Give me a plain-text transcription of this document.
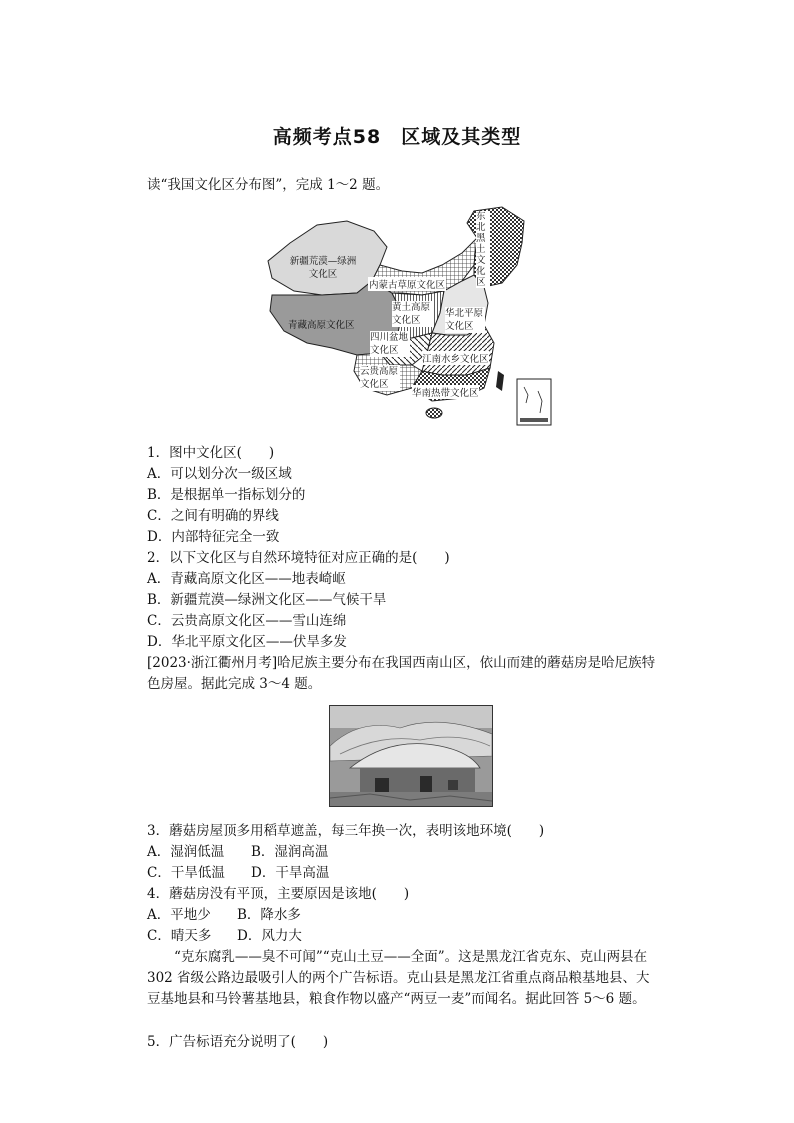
高频考点58　区域及其类型
读“我国文化区分布图”，完成 1～2 题。
新疆荒漠—绿洲文化区
内蒙古草原文化区
东北黑土文化区
青藏高原文化区
黄土高原文化区
华北平原文化区
四川盆地文化区
江南水乡文化区
云贵高原文化区
华南热带文化区
1．图中文化区(　　)
A．可以划分次一级区域
B．是根据单一指标划分的
C．之间有明确的界线
D．内部特征完全一致
2．以下文化区与自然环境特征对应正确的是(　　)
A．青藏高原文化区——地表崎岖
B．新疆荒漠—绿洲文化区——气候干旱
C．云贵高原文化区——雪山连绵
D．华北平原文化区——伏旱多发
[2023·浙江衢州月考]哈尼族主要分布在我国西南山区，依山而建的蘑菇房是哈尼族特色房屋。据此完成 3～4 题。
3．蘑菇房屋顶多用稻草遮盖，每三年换一次，表明该地环境(　　)
A．湿润低温 B．湿润高温
C．干旱低温 D．干旱高温
4．蘑菇房没有平顶，主要原因是该地(　　)
A．平地少 B．降水多
C．晴天多 D．风力大
“克东腐乳——臭不可闻”“克山土豆——全面”。这是黑龙江省克东、克山两县在 302 省级公路边最吸引人的两个广告标语。克山县是黑龙江省重点商品粮基地县、大豆基地县和马铃薯基地县，粮食作物以盛产“两豆一麦”而闻名。据此回答 5～6 题。
5．广告标语充分说明了(　　)
